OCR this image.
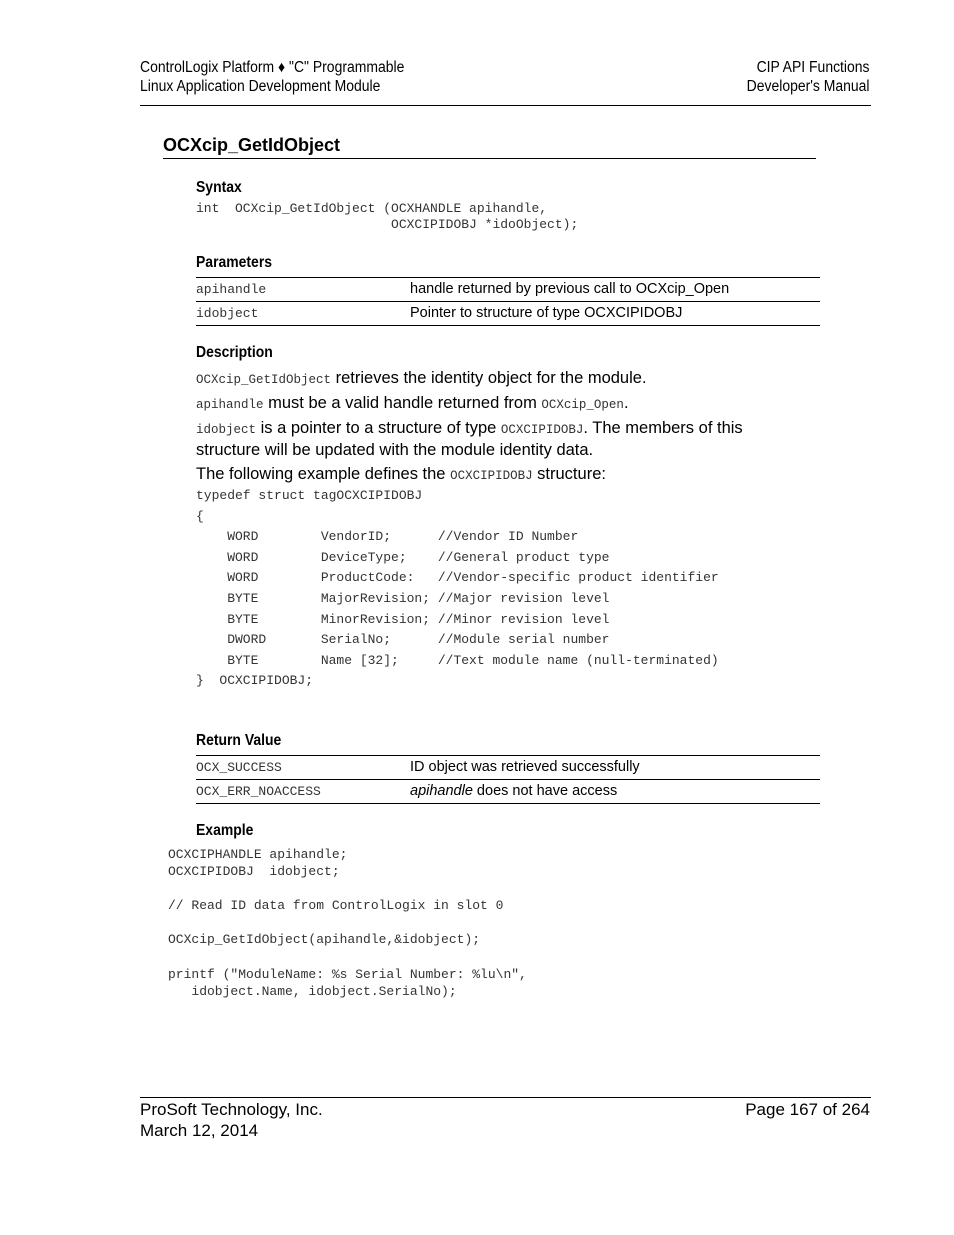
ControlLogix Platform ♦ "C" Programmable
Linux Application Development Module
CIP API Functions
Developer's Manual
OCXcip_GetIdObject
Syntax
int  OCXcip_GetIdObject (OCXHANDLE apihandle,
OCXCIPIDOBJ *idoObject);
Parameters
apihandle	handle returned by previous call to OCXcip_Open
idobject	Pointer to structure of type OCXCIPIDOBJ
Description
OCXcip_GetIdObject retrieves the identity object for the module.
apihandle must be a valid handle returned from OCXcip_Open.
idobject is a pointer to a structure of type OCXCIPIDOBJ. The members of this
structure will be updated with the module identity data.
The following example defines the OCXCIPIDOBJ structure:
typedef struct tagOCXCIPIDOBJ
{
WORD        VendorID;      //Vendor ID Number
WORD        DeviceType;    //General product type
WORD        ProductCode:   //Vendor-specific product identifier
BYTE        MajorRevision; //Major revision level
BYTE        MinorRevision; //Minor revision level
DWORD       SerialNo;      //Module serial number
BYTE        Name [32];     //Text module name (null-terminated)
}  OCXCIPIDOBJ;
Return Value
OCX_SUCCESS	ID object was retrieved successfully
OCX_ERR_NOACCESS	apihandle does not have access
Example
OCXCIPHANDLE apihandle;
OCXCIPIDOBJ  idobject;

// Read ID data from ControlLogix in slot 0

OCXcip_GetIdObject(apihandle,&idobject);

printf ("ModuleName: %s Serial Number: %lu\n",
idobject.Name, idobject.SerialNo);
ProSoft Technology, Inc.
March 12, 2014
Page 167 of 264
